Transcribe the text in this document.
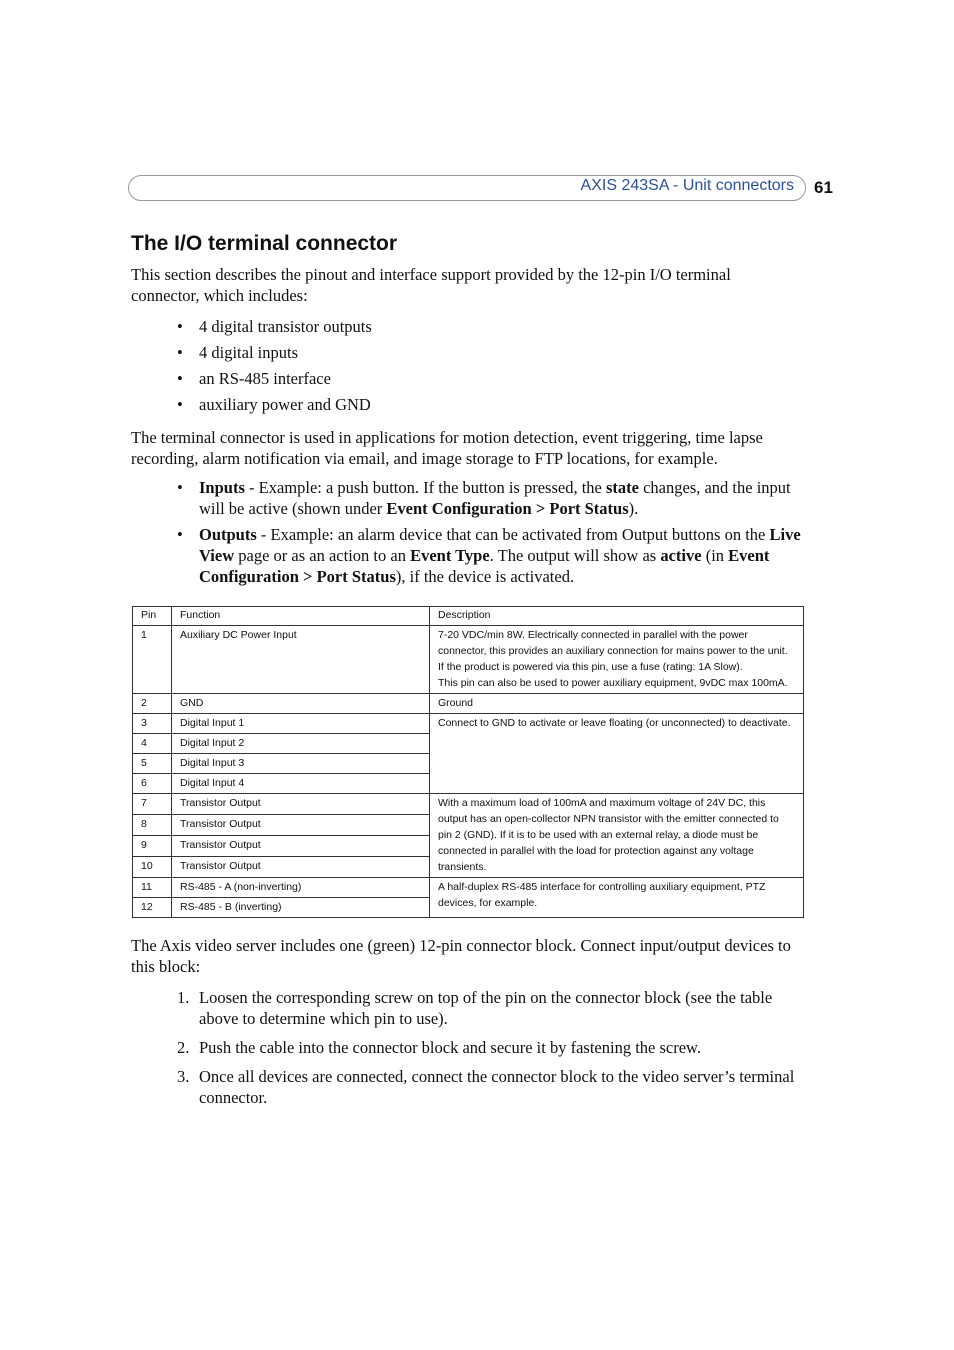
AXIS 243SA - Unit connectors 61
The I/O terminal connector

This section describes the pinout and interface support provided by the 12-pin I/O terminal connector, which includes:

• 4 digital transistor outputs
• 4 digital inputs
• an RS-485 interface
• auxiliary power and GND

The terminal connector is used in applications for motion detection, event triggering, time lapse recording, alarm notification via email, and image storage to FTP locations, for example.

• Inputs - Example: a push button. If the button is pressed, the state changes, and the input will be active (shown under Event Configuration > Port Status).
• Outputs - Example: an alarm device that can be activated from Output buttons on the Live View page or as an action to an Event Type. The output will show as active (in Event Configuration > Port Status), if the device is activated.
Pin	Function	Description
1	Auxiliary DC Power Input	7-20 VDC/min 8W. Electrically connected in parallel with the power connector, this provides an auxiliary connection for mains power to the unit. If the product is powered via this pin, use a fuse (rating: 1A Slow).
This pin can also be used to power auxiliary equipment, 9vDC max 100mA.

2	GND	Ground
3	Digital Input 1	Connect to GND to activate or leave floating (or unconnected) to deactivate.
4	Digital Input 2	
5	Digital Input 3	
6	Digital Input 4	
7	Transistor Output	With a maximum load of 100mA and maximum voltage of 24V DC, this output has an open-collector NPN transistor with the emitter connected to pin 2 (GND). If it is to be used with an external relay, a diode must be connected in parallel with the load for protection against any voltage transients.
8	Transistor Output	
9	Transistor Output	
10	Transistor Output	
11	RS-485 - A (non-inverting)	A half-duplex RS-485 interface for controlling auxiliary equipment, PTZ devices, for example.
12	RS-485 - B (inverting)	

The Axis video server includes one (green) 12-pin connector block. Connect input/output devices to this block:

1. Loosen the corresponding screw on top of the pin on the connector block (see the table above to determine which pin to use).
2. Push the cable into the connector block and secure it by fastening the screw.
3. Once all devices are connected, connect the connector block to the video server’s terminal connector.
